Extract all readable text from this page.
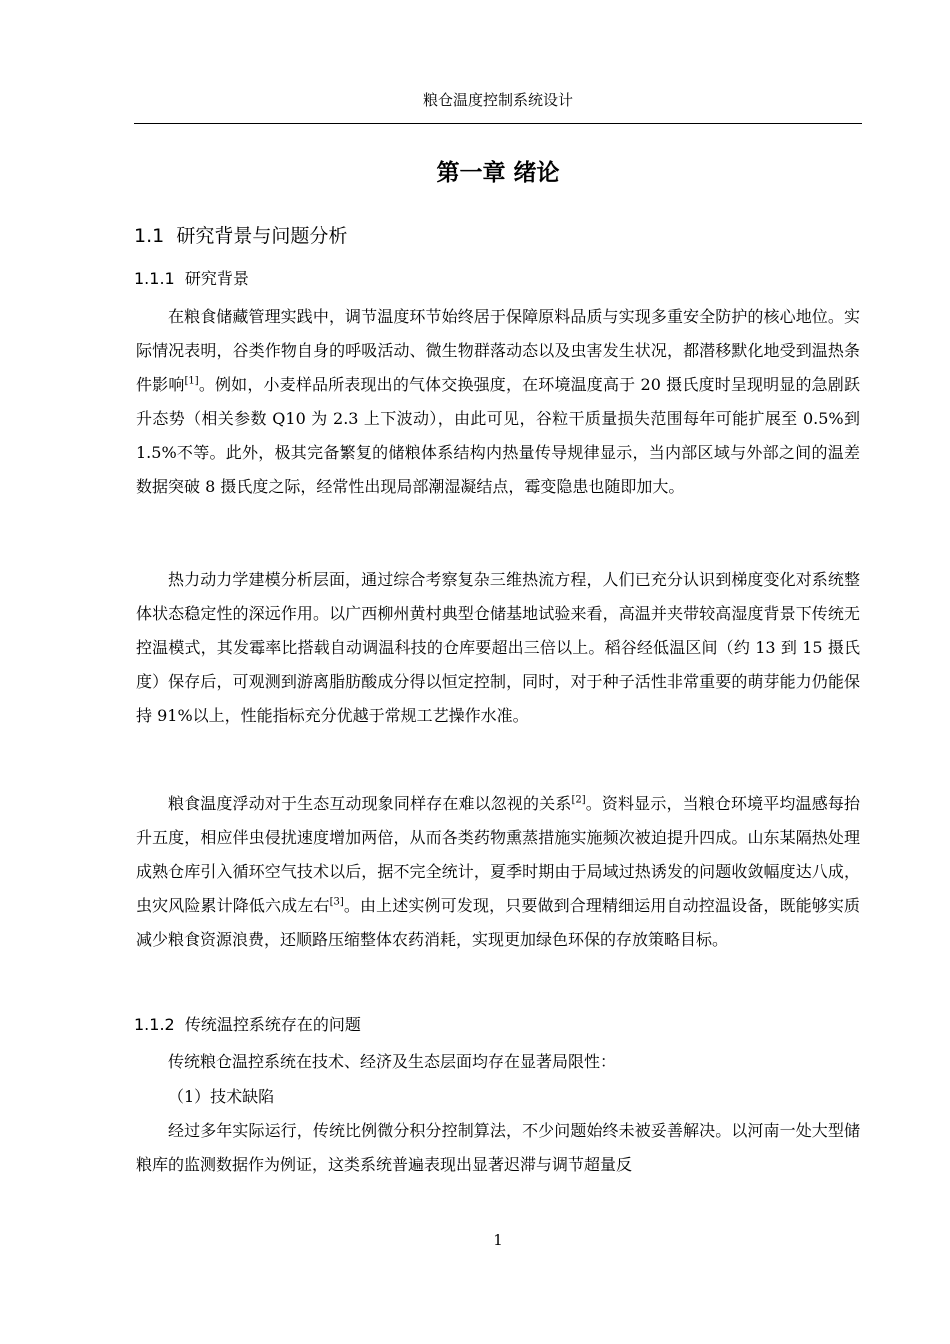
粮仓温度控制系统设计
第一章 绪论
1.1 研究背景与问题分析
1.1.1 研究背景

在粮食储藏管理实践中，调节温度环节始终居于保障原料品质与实现多重安全防护的核心地位。实际情况表明，谷类作物自身的呼吸活动、微生物群落动态以及虫害发生状况，都潜移默化地受到温热条件影响[1]。例如，小麦样品所表现出的气体交换强度，在环境温度高于 20 摄氏度时呈现明显的急剧跃升态势（相关参数 Q10 为 2.3 上下波动），由此可见，谷粒干质量损失范围每年可能扩展至 0.5%到 1.5%不等。此外，极其完备繁复的储粮体系结构内热量传导规律显示，当内部区域与外部之间的温差数据突破 8 摄氏度之际，经常性出现局部潮湿凝结点，霉变隐患也随即加大。

热力动力学建模分析层面，通过综合考察复杂三维热流方程，人们已充分认识到梯度变化对系统整体状态稳定性的深远作用。以广西柳州黄村典型仓储基地试验来看，高温并夹带较高湿度背景下传统无控温模式，其发霉率比搭载自动调温科技的仓库要超出三倍以上。稻谷经低温区间（约 13 到 15 摄氏度）保存后，可观测到游离脂肪酸成分得以恒定控制，同时，对于种子活性非常重要的萌芽能力仍能保持 91%以上，性能指标充分优越于常规工艺操作水准。

粮食温度浮动对于生态互动现象同样存在难以忽视的关系[2]。资料显示，当粮仓环境平均温感每抬升五度，相应伴虫侵扰速度增加两倍，从而各类药物熏蒸措施实施频次被迫提升四成。山东某隔热处理成熟仓库引入循环空气技术以后，据不完全统计，夏季时期由于局域过热诱发的问题收敛幅度达八成，虫灾风险累计降低六成左右[3]。由上述实例可发现，只要做到合理精细运用自动控温设备，既能够实质减少粮食资源浪费，还顺路压缩整体农药消耗，实现更加绿色环保的存放策略目标。

1.1.2 传统温控系统存在的问题

传统粮仓温控系统在技术、经济及生态层面均存在显著局限性：

（1）技术缺陷

经过多年实际运行，传统比例微分积分控制算法，不少问题始终未被妥善解决。以河南一处大型储粮库的监测数据作为例证，这类系统普遍表现出显著迟滞与调节超量反

1
